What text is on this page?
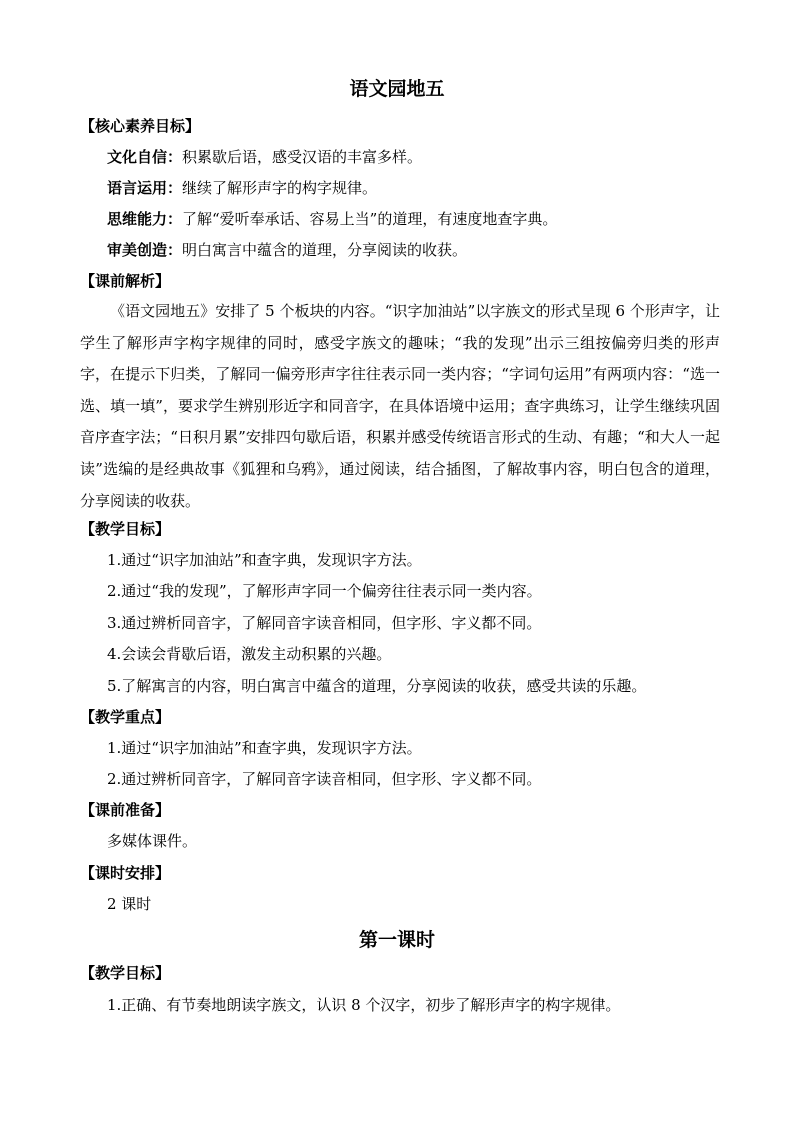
语文园地五
【核心素养目标】
文化自信：积累歇后语，感受汉语的丰富多样。
语言运用：继续了解形声字的构字规律。
思维能力：了解“爱听奉承话、容易上当”的道理，有速度地查字典。
审美创造：明白寓言中蕴含的道理，分享阅读的收获。
【课前解析】
《语文园地五》安排了 5 个板块的内容。“识字加油站”以字族文的形式呈现 6 个形声字，让学生了解形声字构字规律的同时，感受字族文的趣味；“我的发现”出示三组按偏旁归类的形声字，在提示下归类，了解同一偏旁形声字往往表示同一类内容；“字词句运用”有两项内容：“选一选、填一填”，要求学生辨别形近字和同音字，在具体语境中运用；查字典练习，让学生继续巩固音序查字法；“日积月累”安排四句歇后语，积累并感受传统语言形式的生动、有趣；“和大人一起读”选编的是经典故事《狐狸和乌鸦》，通过阅读，结合插图，了解故事内容，明白包含的道理，分享阅读的收获。
【教学目标】
1.通过“识字加油站”和查字典，发现识字方法。
2.通过“我的发现”，了解形声字同一个偏旁往往表示同一类内容。
3.通过辨析同音字，了解同音字读音相同，但字形、字义都不同。
4.会读会背歇后语，激发主动积累的兴趣。
5.了解寓言的内容，明白寓言中蕴含的道理，分享阅读的收获，感受共读的乐趣。
【教学重点】
1.通过“识字加油站”和查字典，发现识字方法。
2.通过辨析同音字，了解同音字读音相同，但字形、字义都不同。
【课前准备】
多媒体课件。
【课时安排】
2 课时
第一课时
【教学目标】
1.正确、有节奏地朗读字族文，认识 8 个汉字，初步了解形声字的构字规律。
